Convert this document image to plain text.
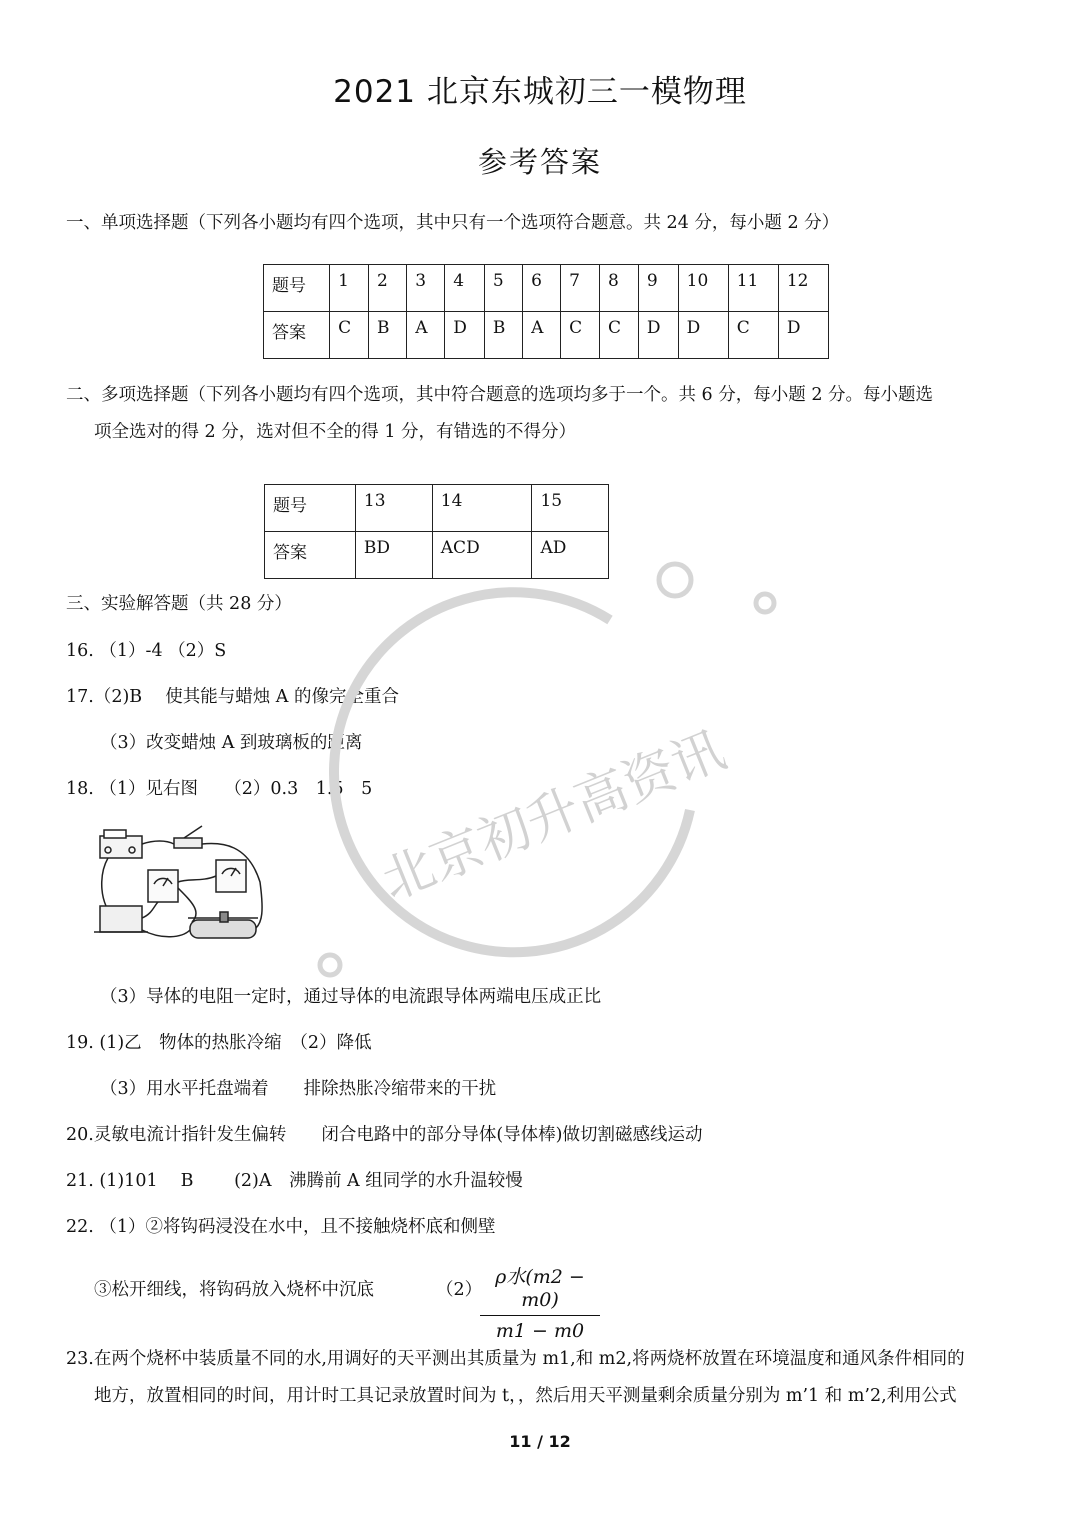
2021 北京东城初三一模物理
参考答案
一、单项选择题（下列各小题均有四个选项，其中只有一个选项符合题意。共 24 分，每小题 2 分）
题号	1	2	3	4	5	6	7	8	9	10	11	12
答案	C	B	A	D	B	A	C	C	D	D	C	D
二、多项选择题（下列各小题均有四个选项，其中符合题意的选项均多于一个。共 6 分，每小题 2 分。每小题选
项全选对的得 2 分，选对但不全的得 1 分，有错选的不得分）
题号	13	14	15
答案	BD	ACD	AD
三、实验解答题（共 28 分）
16. （1）-4 （2）S
17.（2)B　 使其能与蜡烛 A 的像完全重合
（3）改变蜡烛 A 到玻璃板的距离
18. （1）见右图　　（2）0.3　1.5　5
（3）导体的电阻一定时，通过导体的电流跟导体两端电压成正比
19. (1)乙　物体的热胀冷缩　（2）降低
（3）用水平托盘端着　　排除热胀冷缩带来的干扰
20.灵敏电流计指针发生偏转　　闭合电路中的部分导体(导体棒)做切割磁感线运动
21. (1)101　 B　　 (2)A　沸腾前 A 组同学的水升温较慢
22. （1）②将钩码浸没在水中，且不接触烧杯底和侧壁
③松开细线，将钩码放入烧杯中沉底	（2）
ρ水(m2 − m0)
m1 − m0
23.在两个烧杯中装质量不同的水,用调好的天平测出其质量为 m1,和 m2,将两烧杯放置在环境温度和通风条件相同的
地方，放置相同的时间，用计时工具记录放置时间为 t，，然后用天平测量剩余质量分别为 m’1 和 m’2,利用公式
北京初升高资讯
11 / 12
